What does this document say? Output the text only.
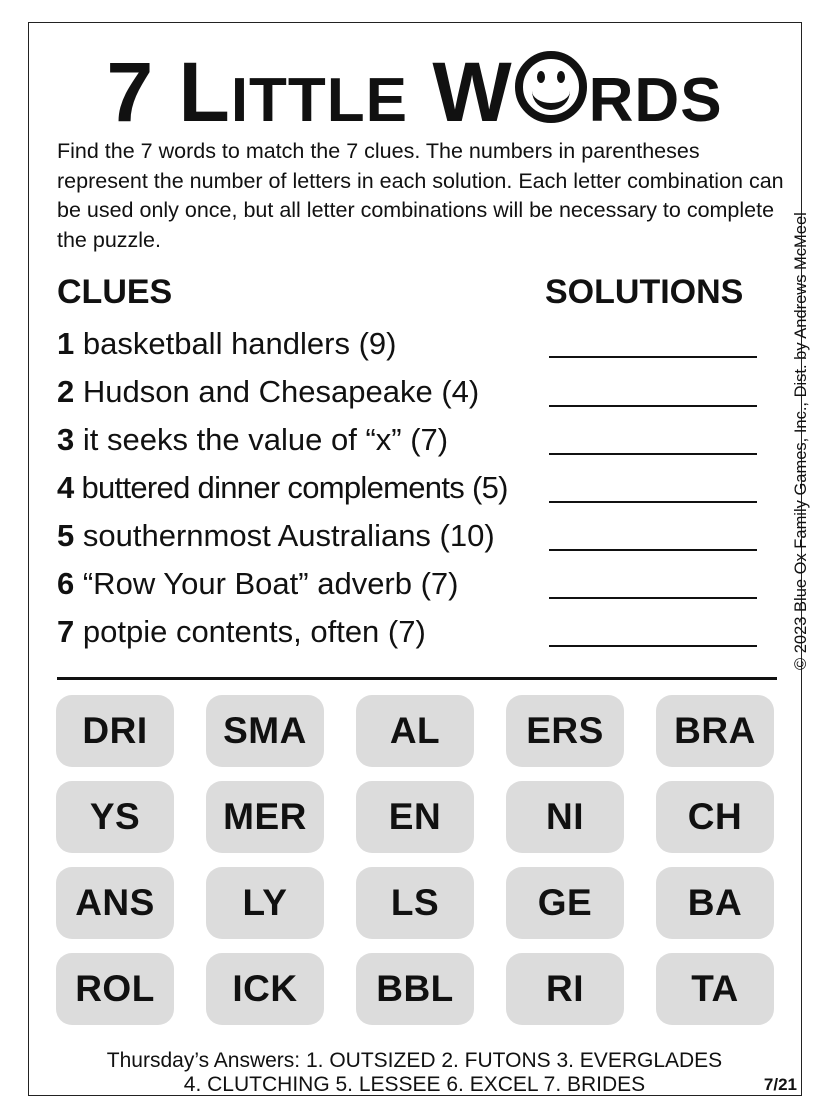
7 LITTLE W RDS

Find the 7 words to match the 7 clues. The numbers in parentheses represent the number of letters in each solution. Each letter combination can be used only once, but all letter combinations will be necessary to complete the puzzle.	© 2023 Blue Ox Family Games, Inc., Dist. by Andrews McMeel
CLUES	SOLUTIONS
1 basketball handlers (9)
2 Hudson and Chesapeake (4)
3 it seeks the value of “x” (7)
4 buttered dinner complements (5)
5 southernmost Australians (10)
6 “Row Your Boat” adverb (7)
7 potpie contents, often (7)
DRI	SMA	AL	ERS	BRA
YS	MER	EN	NI	CH
ANS	LY	LS	GE	BA
ROL	ICK	BBL	RI	TA
Thursday’s Answers: 1. OUTSIZED 2. FUTONS 3. EVERGLADES
4. CLUTCHING 5. LESSEE 6. EXCEL 7. BRIDES	7/21
